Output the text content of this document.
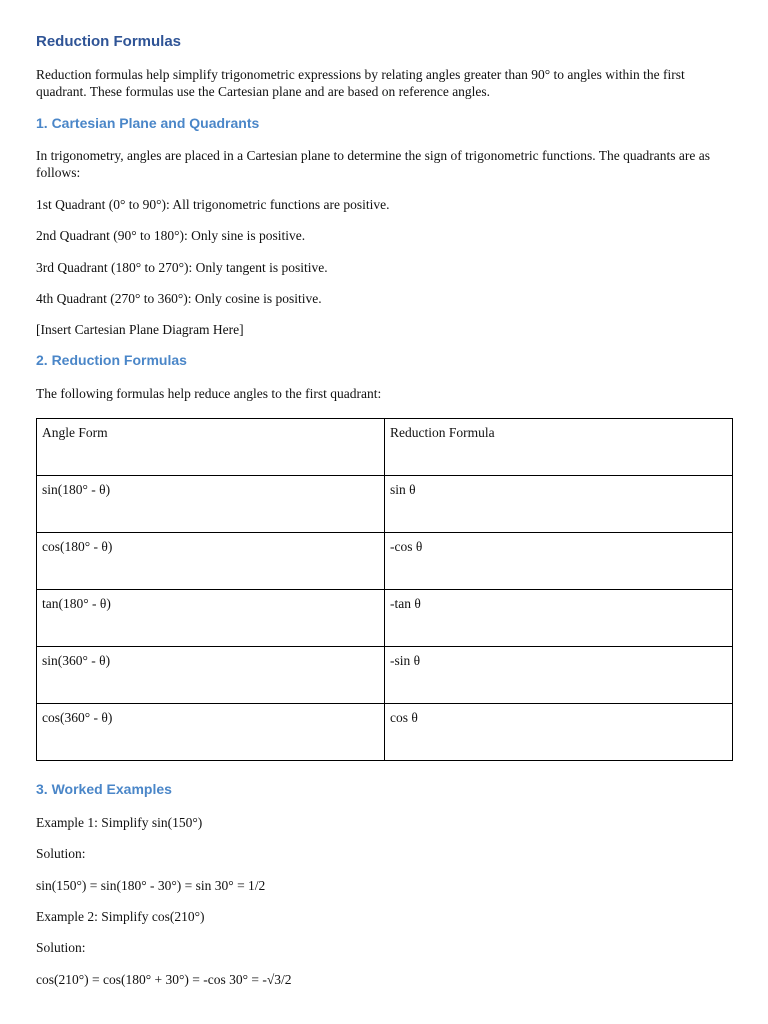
Reduction Formulas
Reduction formulas help simplify trigonometric expressions by relating angles greater than 90° to angles within the first quadrant. These formulas use the Cartesian plane and are based on reference angles.
1. Cartesian Plane and Quadrants
In trigonometry, angles are placed in a Cartesian plane to determine the sign of trigonometric functions. The quadrants are as follows:
1st Quadrant (0° to 90°): All trigonometric functions are positive.
2nd Quadrant (90° to 180°): Only sine is positive.
3rd Quadrant (180° to 270°): Only tangent is positive.
4th Quadrant (270° to 360°): Only cosine is positive.
[Insert Cartesian Plane Diagram Here]
2. Reduction Formulas
The following formulas help reduce angles to the first quadrant:
Angle Form	Reduction Formula
sin(180° - θ)	sin θ
cos(180° - θ)	-cos θ
tan(180° - θ)	-tan θ
sin(360° - θ)	-sin θ
cos(360° - θ)	cos θ
3. Worked Examples
Example 1: Simplify sin(150°)
Solution:
sin(150°) = sin(180° - 30°) = sin 30° = 1/2
Example 2: Simplify cos(210°)
Solution:
cos(210°) = cos(180° + 30°) = -cos 30° = -√3/2
